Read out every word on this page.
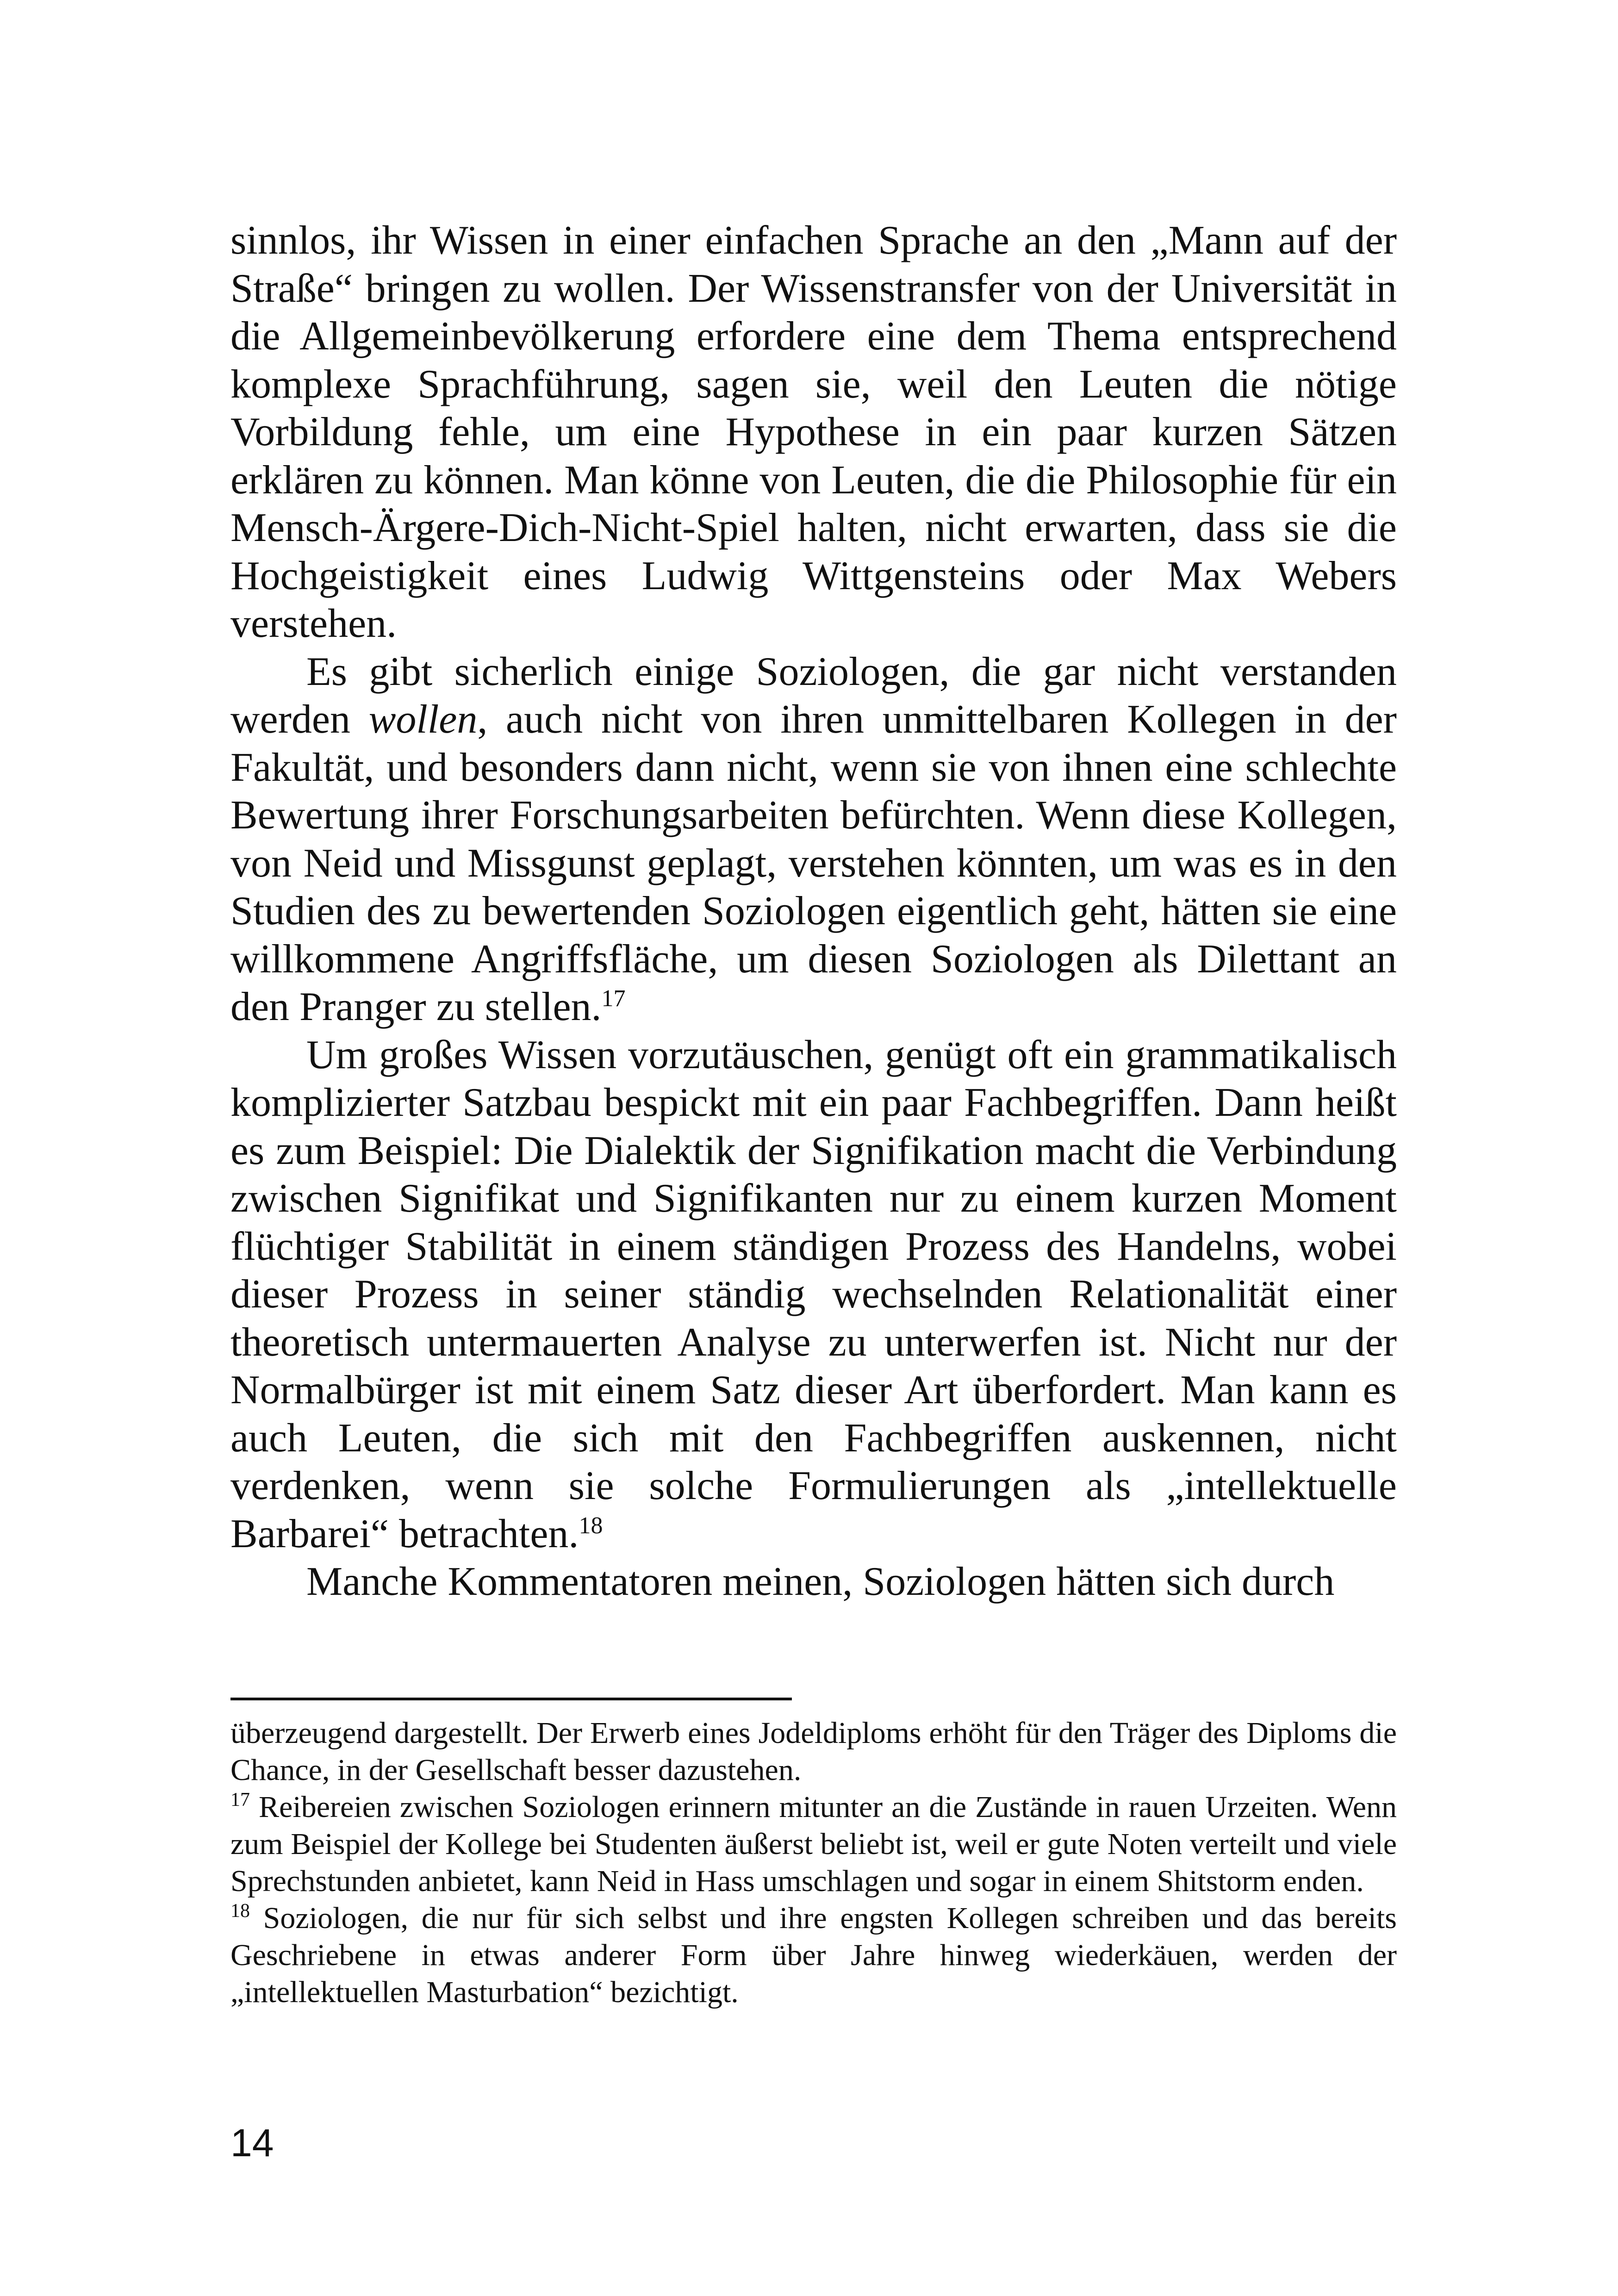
sinnlos, ihr Wissen in einer einfachen Sprache an den „Mann auf der Straße“ bringen zu wollen. Der Wissenstransfer von der Universität in die Allgemeinbevölkerung erfordere eine dem Thema entsprechend komplexe Sprachführung, sagen sie, weil den Leuten die nötige Vorbildung fehle, um eine Hypothese in ein paar kurzen Sätzen erklären zu können. Man könne von Leuten, die die Philosophie für ein Mensch-Ärgere-Dich-Nicht-Spiel halten, nicht erwarten, dass sie die Hochgeistigkeit eines Ludwig Wittgensteins oder Max Webers verstehen.

Es gibt sicherlich einige Soziologen, die gar nicht verstanden werden wollen, auch nicht von ihren unmittelbaren Kollegen in der Fakultät, und besonders dann nicht, wenn sie von ihnen eine schlechte Bewertung ihrer Forschungsarbeiten befürchten. Wenn diese Kollegen, von Neid und Missgunst geplagt, verstehen könnten, um was es in den Studien des zu bewertenden Soziologen eigentlich geht, hätten sie eine willkommene Angriffsfläche, um diesen Soziologen als Dilettant an den Pranger zu stellen.$^{17}$

Um großes Wissen vorzutäuschen, genügt oft ein grammatikalisch komplizierter Satzbau bespickt mit ein paar Fachbegriffen. Dann heißt es zum Beispiel: Die Dialektik der Signifikation macht die Verbindung zwischen Signifikat und Signifikanten nur zu einem kurzen Moment flüchtiger Stabilität in einem ständigen Prozess des Handelns, wobei dieser Prozess in seiner ständig wechselnden Relationalität einer theoretisch untermauerten Analyse zu unterwerfen ist. Nicht nur der Normalbürger ist mit einem Satz dieser Art überfordert. Man kann es auch Leuten, die sich mit den Fachbegriffen auskennen, nicht verdenken, wenn sie solche Formulierungen als „intellektuelle Barbarei“ betrachten.$^{18}$

Manche Kommentatoren meinen, Soziologen hätten sich durch

überzeugend dargestellt. Der Erwerb eines Jodeldiploms erhöht für den Träger des Diploms die Chance, in der Gesellschaft besser dazustehen.

$^{17}$ Reibereien zwischen Soziologen erinnern mitunter an die Zustände in rauen Urzeiten. Wenn zum Beispiel der Kollege bei Studenten äußerst beliebt ist, weil er gute Noten verteilt und viele Sprechstunden anbietet, kann Neid in Hass umschlagen und sogar in einem Shitstorm enden.

$^{18}$ Soziologen, die nur für sich selbst und ihre engsten Kollegen schreiben und das bereits Geschriebene in etwas anderer Form über Jahre hinweg wiederkäuen, werden der „intellektuellen Masturbation“ bezichtigt.

14
